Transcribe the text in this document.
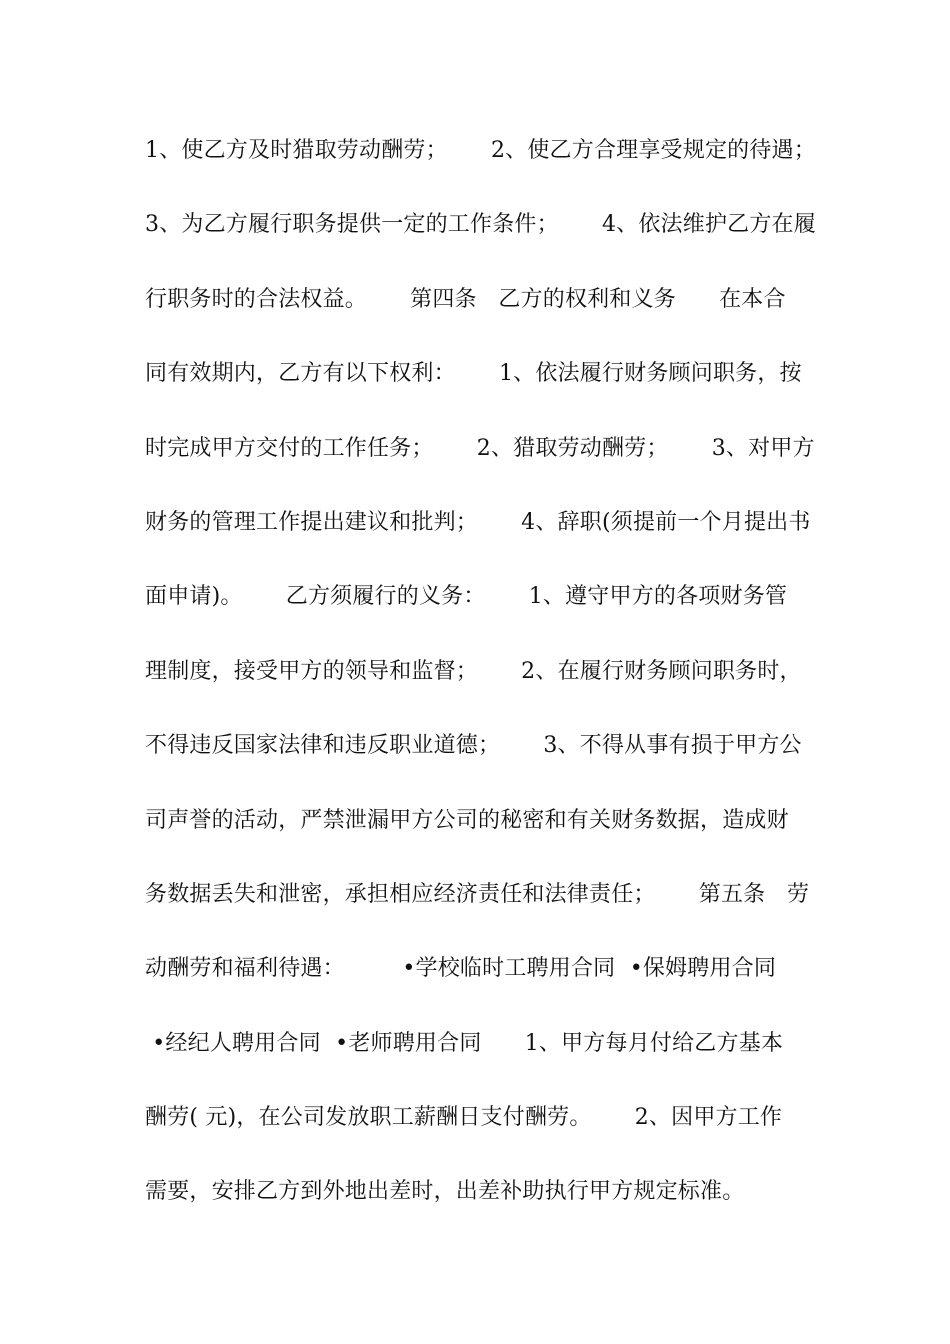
1、使乙方及时猎取劳动酬劳；      2、使乙方合理享受规定的待遇；
3、为乙方履行职务提供一定的工作条件；      4、依法维护乙方在履
行职务时的合法权益。      第四条   乙方的权利和义务      在本合
同有效期内，乙方有以下权利：      1、依法履行财务顾问职务，按
时完成甲方交付的工作任务；      2、猎取劳动酬劳；      3、对甲方
财务的管理工作提出建议和批判；      4、辞职(须提前一个月提出书
面申请)。      乙方须履行的义务：      1、遵守甲方的各项财务管
理制度，接受甲方的领导和监督；      2、在履行财务顾问职务时，
不得违反国家法律和违反职业道德；      3、不得从事有损于甲方公
司声誉的活动，严禁泄漏甲方公司的秘密和有关财务数据，造成财
务数据丢失和泄密，承担相应经济责任和法律责任；      第五条   劳
动酬劳和福利待遇：        •学校临时工聘用合同  •保姆聘用合同
•经纪人聘用合同  •老师聘用合同      1、甲方每月付给乙方基本
酬劳( 元)，在公司发放职工薪酬日支付酬劳。      2、因甲方工作
需要，安排乙方到外地出差时，出差补助执行甲方规定标准。
